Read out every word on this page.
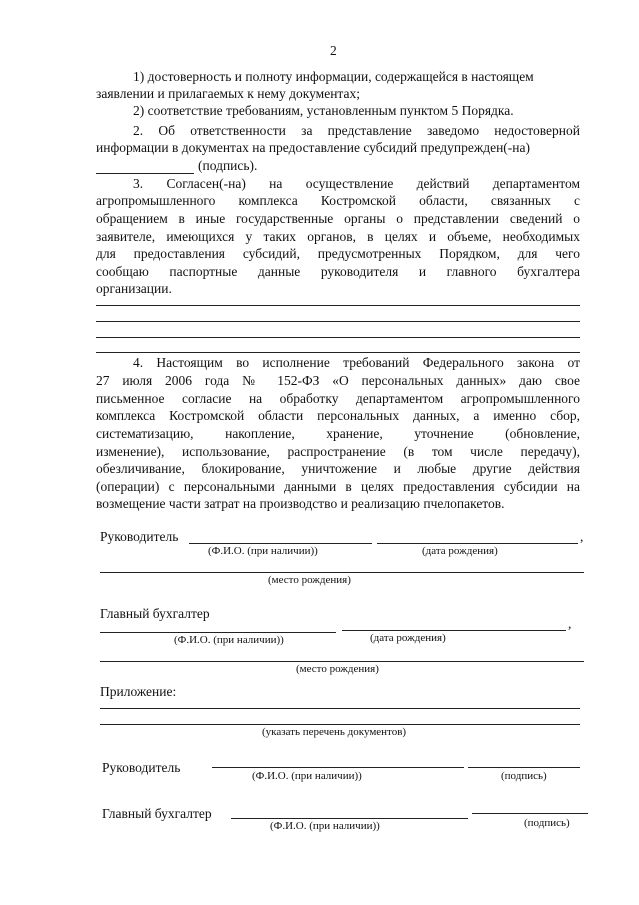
2
1) достоверность и полноту информации, содержащейся в настоящем
заявлении и прилагаемых к нему документах;
2) соответствие требованиям, установленным пунктом 5 Порядка.
2. Об ответственности за представление заведомо недостоверной
информации в документах на предоставление субсидий предупрежден(-на)
(подпись).
3. Согласен(-на) на осуществление действий департаментом
агропромышленного комплекса Костромской области, связанных с
обращением в иные государственные органы о представлении сведений о
заявителе, имеющихся у таких органов, в целях и объеме, необходимых
для предоставления субсидий, предусмотренных Порядком, для чего
сообщаю паспортные данные руководителя и главного бухгалтера
организации.
4. Настоящим во исполнение требований Федерального закона от
27 июля 2006 года № 152-ФЗ «О персональных данных» даю свое
письменное согласие на обработку департаментом агропромышленного
комплекса Костромской области персональных данных, а именно сбор,
систематизацию, накопление, хранение, уточнение (обновление,
изменение), использование, распространение (в том числе передачу),
обезличивание, блокирование, уничтожение и любые другие действия
(операции) с персональными данными в целях предоставления субсидии на
возмещение части затрат на производство и реализацию пчелопакетов.
Руководитель	,
(Ф.И.О. (при наличии))	(дата рождения)
(место рождения)
Главный бухгалтер
,
(Ф.И.О. (при наличии))	(дата рождения)
(место рождения)
Приложение:
(указать перечень документов)
Руководитель
(Ф.И.О. (при наличии))	(подпись)
Главный бухгалтер
(Ф.И.О. (при наличии))	(подпись)
